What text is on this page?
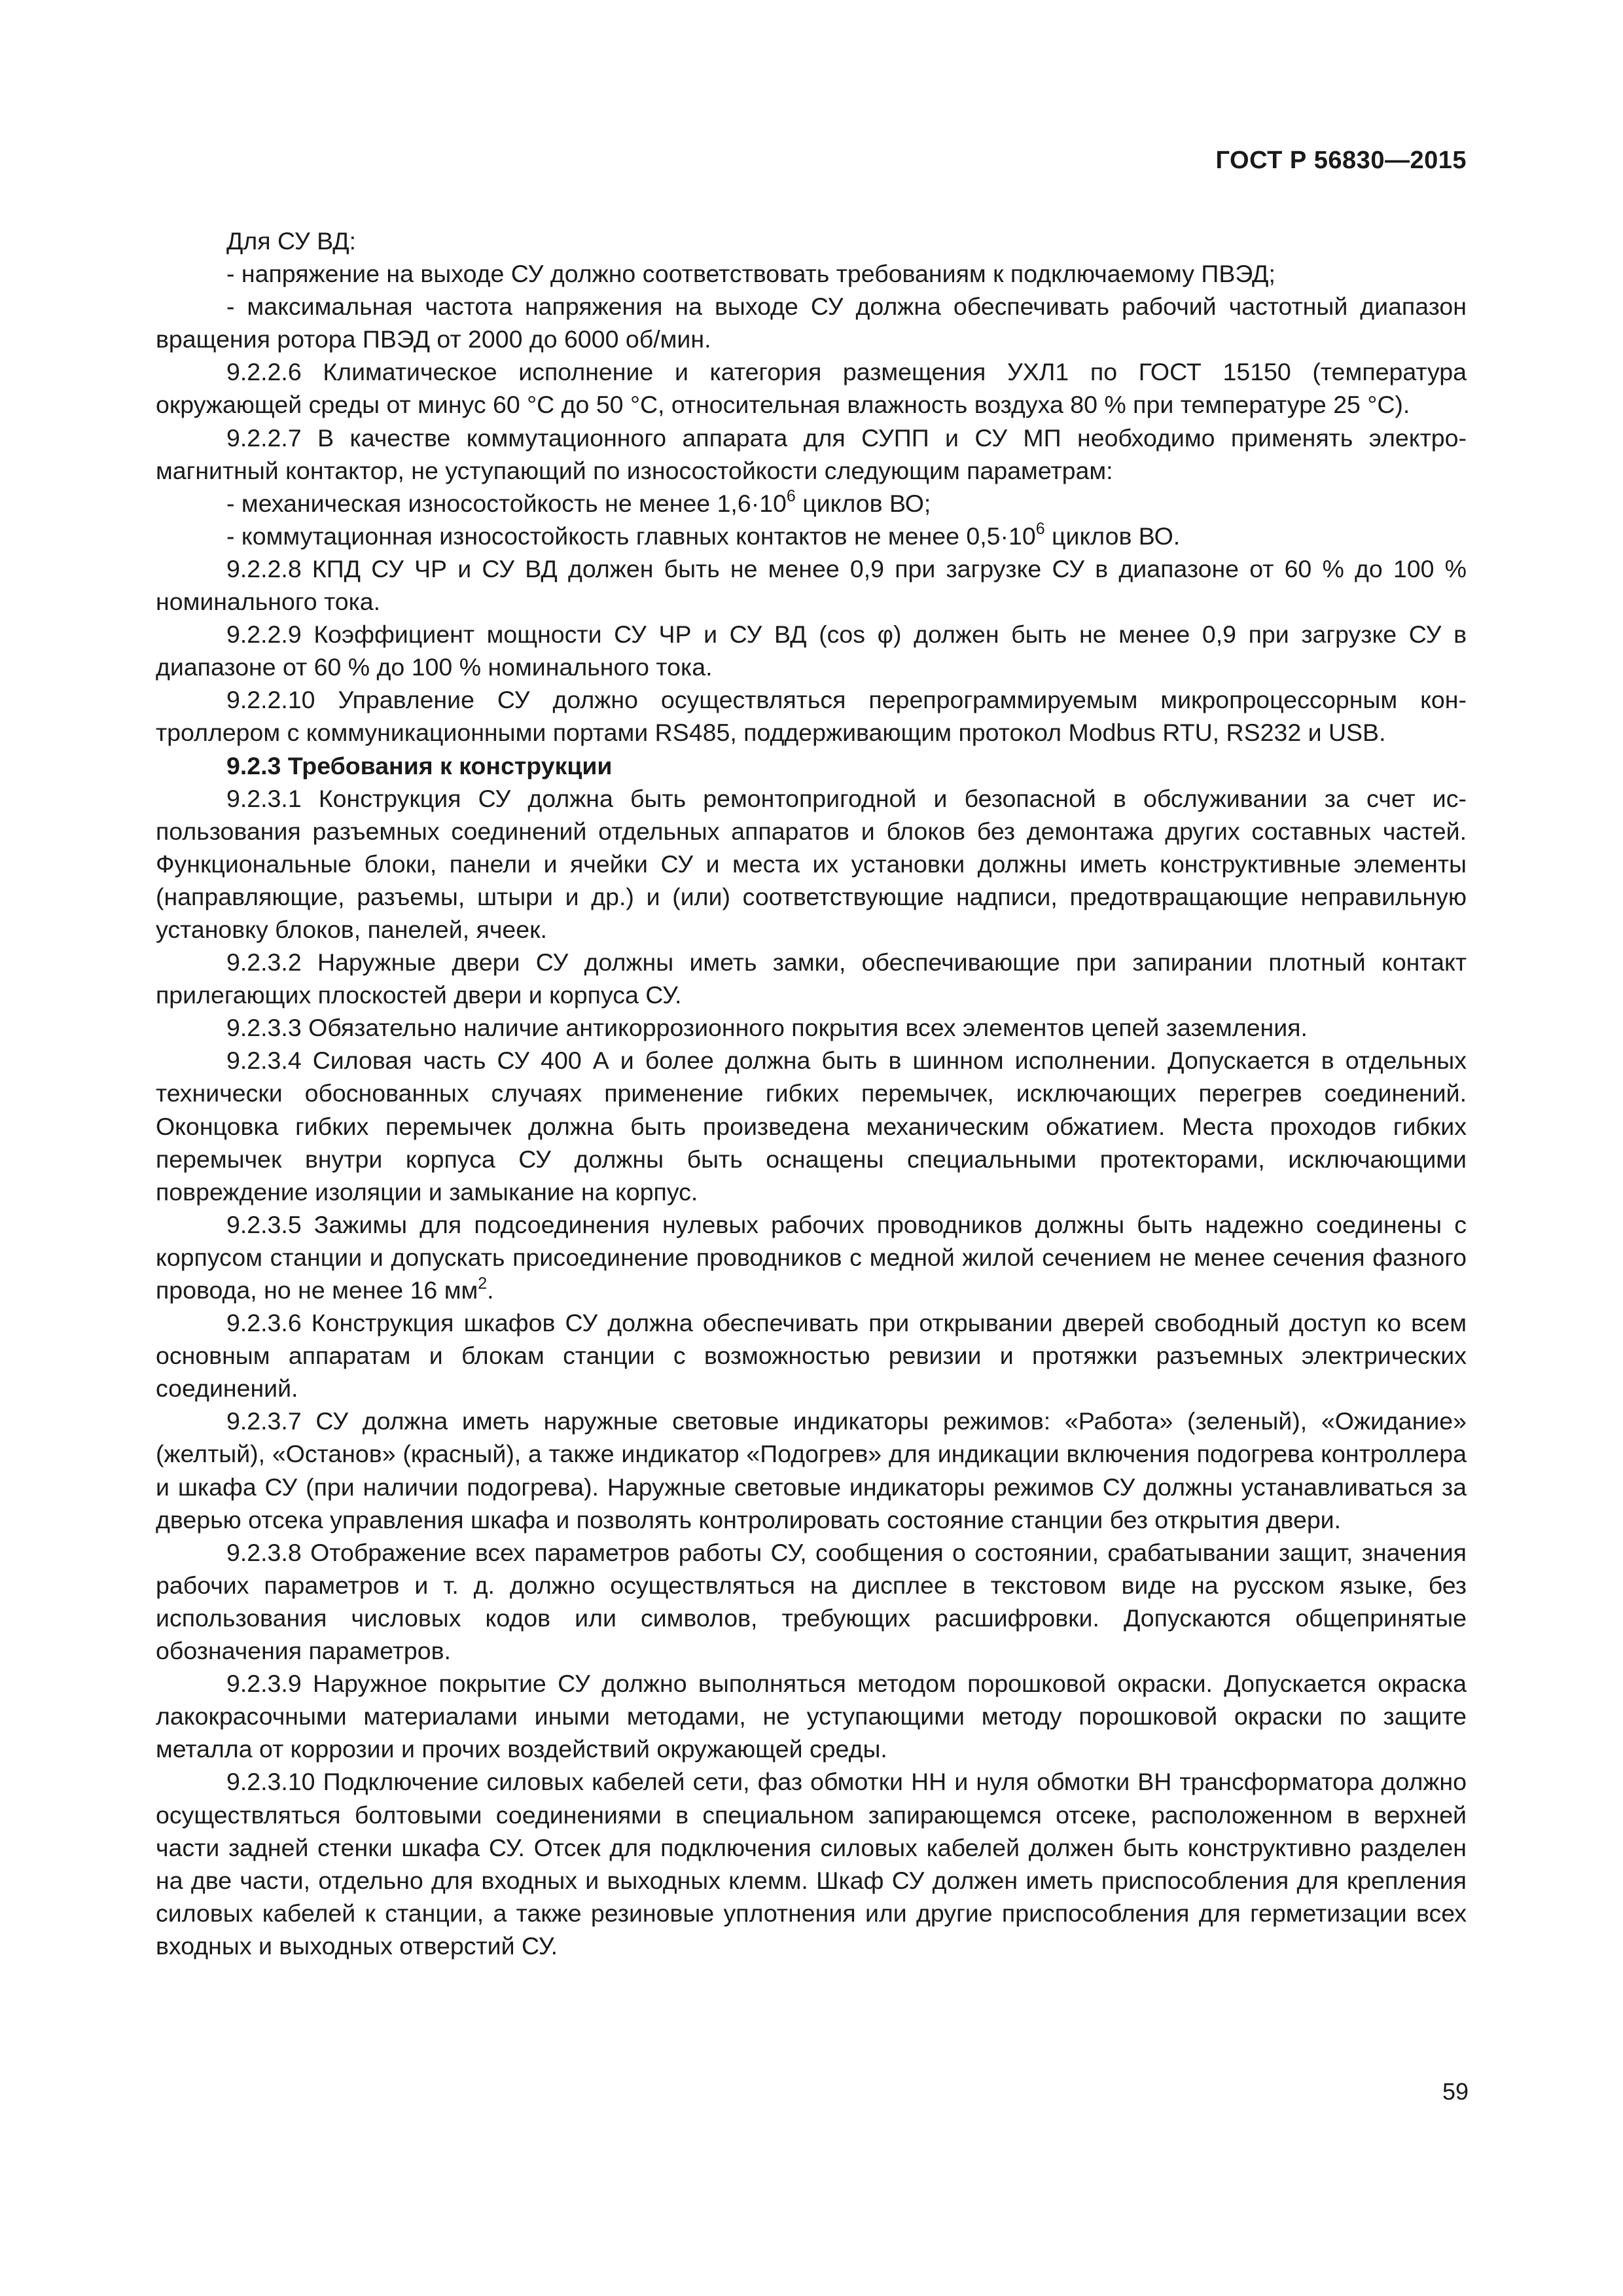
ГОСТ Р 56830—2015

Для СУ ВД:

- напряжение на выходе СУ должно соответствовать требованиям к подключаемому ПВЭД;

- максимальная частота напряжения на выходе СУ должна обеспечивать рабочий частотный диапазон вращения ротора ПВЭД от 2000 до 6000 об/мин.

9.2.2.6 Климатическое исполнение и категория размещения УХЛ1 по ГОСТ 15150 (температура окружающей среды от минус 60 °С до 50 °С, относительная влажность воздуха 80 % при температуре 25 °С).

9.2.2.7 В качестве коммутационного аппарата для СУПП и СУ МП необходимо применять электромагнитный контактор, не уступающий по износостойкости следующим параметрам:

- механическая износостойкость не менее $1,6\cdot 10^6$ циклов ВО;

- коммутационная износостойкость главных контактов не менее $0,5\cdot 10^6$ циклов ВО.

9.2.2.8 КПД СУ ЧР и СУ ВД должен быть не менее 0,9 при загрузке СУ в диапазоне от 60 % до 100 % номинального тока.

9.2.2.9 Коэффициент мощности СУ ЧР и СУ ВД (cos φ) должен быть не менее 0,9 при загрузке СУ в диапазоне от 60 % до 100 % номинального тока.

9.2.2.10 Управление СУ должно осуществляться перепрограммируемым микропроцессорным контроллером с коммуникационными портами RS485, поддерживающим протокол Modbus RTU, RS232 и USB.

9.2.3 Требования к конструкции

9.2.3.1 Конструкция СУ должна быть ремонтопригодной и безопасной в обслуживании за счет использования разъемных соединений отдельных аппаратов и блоков без демонтажа других составных частей. Функциональные блоки, панели и ячейки СУ и места их установки должны иметь конструктивные элементы (направляющие, разъемы, штыри и др.) и (или) соответствующие надписи, предотвращающие неправильную установку блоков, панелей, ячеек.

9.2.3.2 Наружные двери СУ должны иметь замки, обеспечивающие при запирании плотный контакт прилегающих плоскостей двери и корпуса СУ.

9.2.3.3 Обязательно наличие антикоррозионного покрытия всех элементов цепей заземления.

9.2.3.4 Силовая часть СУ 400 А и более должна быть в шинном исполнении. Допускается в отдельных технически обоснованных случаях применение гибких перемычек, исключающих перегрев соединений. Оконцовка гибких перемычек должна быть произведена механическим обжатием. Места проходов гибких перемычек внутри корпуса СУ должны быть оснащены специальными протекторами, исключающими повреждение изоляции и замыкание на корпус.

9.2.3.5 Зажимы для подсоединения нулевых рабочих проводников должны быть надежно соединены с корпусом станции и допускать присоединение проводников с медной жилой сечением не менее сечения фазного провода, но не менее 16 $мм^2$.

9.2.3.6 Конструкция шкафов СУ должна обеспечивать при открывании дверей свободный доступ ко всем основным аппаратам и блокам станции с возможностью ревизии и протяжки разъемных электрических соединений.

9.2.3.7 СУ должна иметь наружные световые индикаторы режимов: «Работа» (зеленый), «Ожидание» (желтый), «Останов» (красный), а также индикатор «Подогрев» для индикации включения подогрева контроллера и шкафа СУ (при наличии подогрева). Наружные световые индикаторы режимов СУ должны устанавливаться за дверью отсека управления шкафа и позволять контролировать состояние станции без открытия двери.

9.2.3.8 Отображение всех параметров работы СУ, сообщения о состоянии, срабатывании защит, значения рабочих параметров и т. д. должно осуществляться на дисплее в текстовом виде на русском языке, без использования числовых кодов или символов, требующих расшифровки. Допускаются общепринятые обозначения параметров.

9.2.3.9 Наружное покрытие СУ должно выполняться методом порошковой окраски. Допускается окраска лакокрасочными материалами иными методами, не уступающими методу порошковой окраски по защите металла от коррозии и прочих воздействий окружающей среды.

9.2.3.10 Подключение силовых кабелей сети, фаз обмотки НН и нуля обмотки ВН трансформатора должно осуществляться болтовыми соединениями в специальном запирающемся отсеке, расположенном в верхней части задней стенки шкафа СУ. Отсек для подключения силовых кабелей должен быть конструктивно разделен на две части, отдельно для входных и выходных клемм. Шкаф СУ должен иметь приспособления для крепления силовых кабелей к станции, а также резиновые уплотнения или другие приспособления для герметизации всех входных и выходных отверстий СУ.

59
